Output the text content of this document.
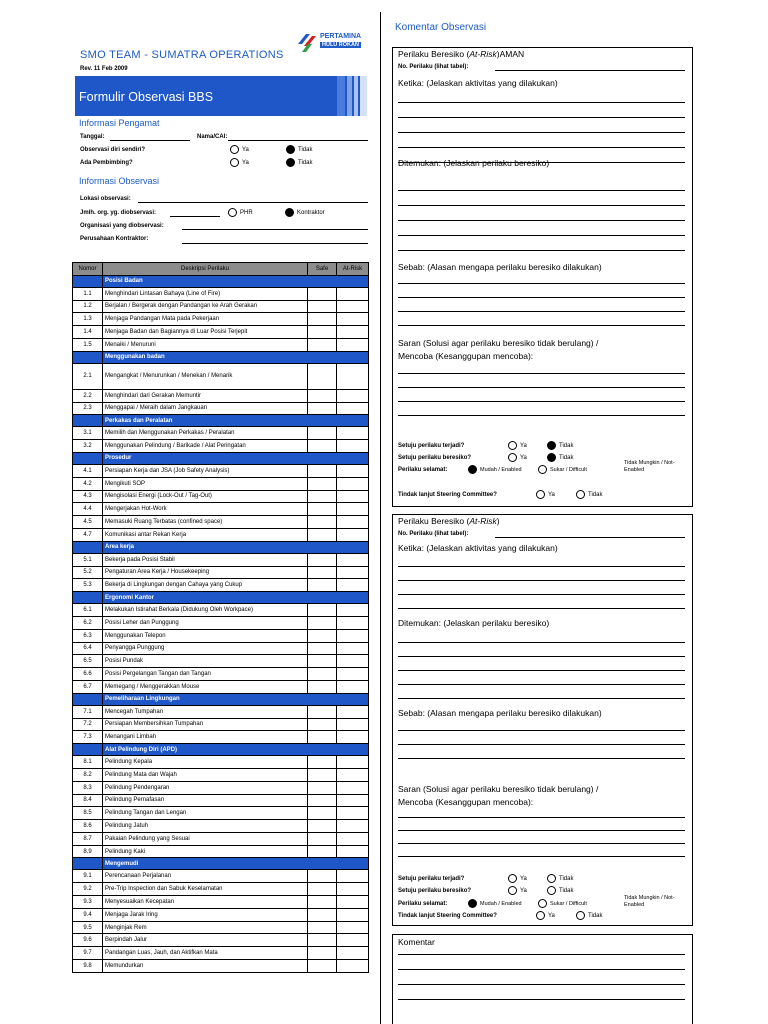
SMO TEAM - SUMATRA OPERATIONS
Rev. 11 Feb 2009
PERTAMINA
HULU ROKAN
Formulir Observasi BBS
Informasi Pengamat
Tanggal:	Nama/CAI:
Observasi diri sendiri?	Ya	Tidak
Ada Pembimbing?	Ya	Tidak
Informasi Observasi
Lokasi observasi:
Jmlh. org. yg. diobservasi:	PHR	Kontraktor
Organisasi yang diobservasi:
Perusahaan Kontraktor:
Nomor	Deskripsi Perilaku	Safe	At-Risk
	Posisi Badan		
1.1	Menghindari Lintasan Bahaya (Line of Fire)		
1.2	Berjalan / Bergerak dengan Pandangan ke Arah Gerakan		
1.3	Menjaga Pandangan Mata pada Pekerjaan		
1.4	Menjaga Badan dan Bagiannya di Luar Posisi Terjepit		
1.5	Menaiki / Menuruni		
	Menggunakan badan		
2.1	Mengangkat / Menurunkan / Menekan / Menarik		
2.2	Menghindari dari Gerakan Memuntir		
2.3	Menggapai / Meraih dalam Jangkauan		
	Perkakas dan Peralatan		
3.1	Memilih dan Menggunakan Perkakas / Peralatan		
3.2	Menggunakan Pelindung / Barikade / Alat Peringatan		
	Prosedur		
4.1	Persiapan Kerja dan JSA (Job Safety Analysis)		
4.2	Mengikuti SOP		
4.3	Mengisolasi Energi (Lock-Out / Tag-Out)		
4.4	Mengerjakan Hot-Work		
4.5	Memasuki Ruang Terbatas (confined space)		
4.7	Komunikasi antar Rekan Kerja		
	Area kerja		
5.1	Bekerja pada Posisi Stabil		
5.2	Pengaturan Area Kerja / Housekeeping		
5.3	Bekerja di Lingkungan dengan Cahaya yang Cukup		
	Ergonomi Kantor		
6.1	Melakukan Istirahat Berkala (Didukung Oleh Workpace)		
6.2	Posisi Leher dan Punggung		
6.3	Menggunakan Telepon		
6.4	Penyangga Punggung		
6.5	Posisi Pundak		
6.6	Posisi Pergelangan Tangan dan Tangan		
6.7	Memegang / Menggerakkan Mouse		
	Pemeliharaan Lingkungan		
7.1	Mencegah Tumpahan		
7.2	Persiapan Membersihkan Tumpahan		
7.3	Menangani Limbah		
	Alat Pelindung Diri (APD)		
8.1	Pelindung Kepala		
8.2	Pelindung Mata dan Wajah		
8.3	Pelindung Pendengaran		
8.4	Pelindung Pernafasan		
8.5	Pelindung Tangan dan Lengan		
8.6	Pelindung Jatuh		
8.7	Pakaian Pelindung yang Sesuai		
8.9	Pelindung Kaki		
	Mengemudi		
9.1	Perencanaan Perjalanan		
9.2	Pre-Trip Inspection dan Sabuk Keselamatan		
9.3	Menyesuaikan Kecepatan		
9.4	Menjaga Jarak Iring		
9.5	Menginjak Rem		
9.6	Berpindah Jalur		
9.7	Pandangan Luas, Jauh, dan Aktifkan Mata		
9.8	Memundurkan		
Komentar Observasi
Perilaku Beresiko (At-Risk)AMAN
No. Perilaku (lihat tabel):
Ketika: (Jelaskan aktivitas yang dilakukan)
Ditemukan: (Jelaskan perilaku beresiko)
Sebab: (Alasan mengapa perilaku beresiko dilakukan)
Saran (Solusi agar perilaku beresiko tidak berulang) /
Mencoba (Kesanggupan mencoba):
Setuju perilaku terjadi?	Ya	Tidak
Setuju perilaku beresiko?	Ya	Tidak
Perilaku selamat:	Mudah / Enabled	Sukar / Difficult
Tidak Mungkin / Not-Enabled
Tindak lanjut Steering Committee?	Ya	Tidak
Perilaku Beresiko (At-Risk)
No. Perilaku (lihat tabel):
Ketika: (Jelaskan aktivitas yang dilakukan)
Ditemukan: (Jelaskan perilaku beresiko)
Sebab: (Alasan mengapa perilaku beresiko dilakukan)
Saran (Solusi agar perilaku beresiko tidak berulang) /
Mencoba (Kesanggupan mencoba):
Setuju perilaku terjadi?	Ya	Tidak
Setuju perilaku beresiko?	Ya	Tidak
Perilaku selamat:	Mudah / Enabled	Sukar / Difficult
Tidak Mungkin / Not-Enabled
Tindak lanjut Steering Committee?	Ya	Tidak
Komentar
